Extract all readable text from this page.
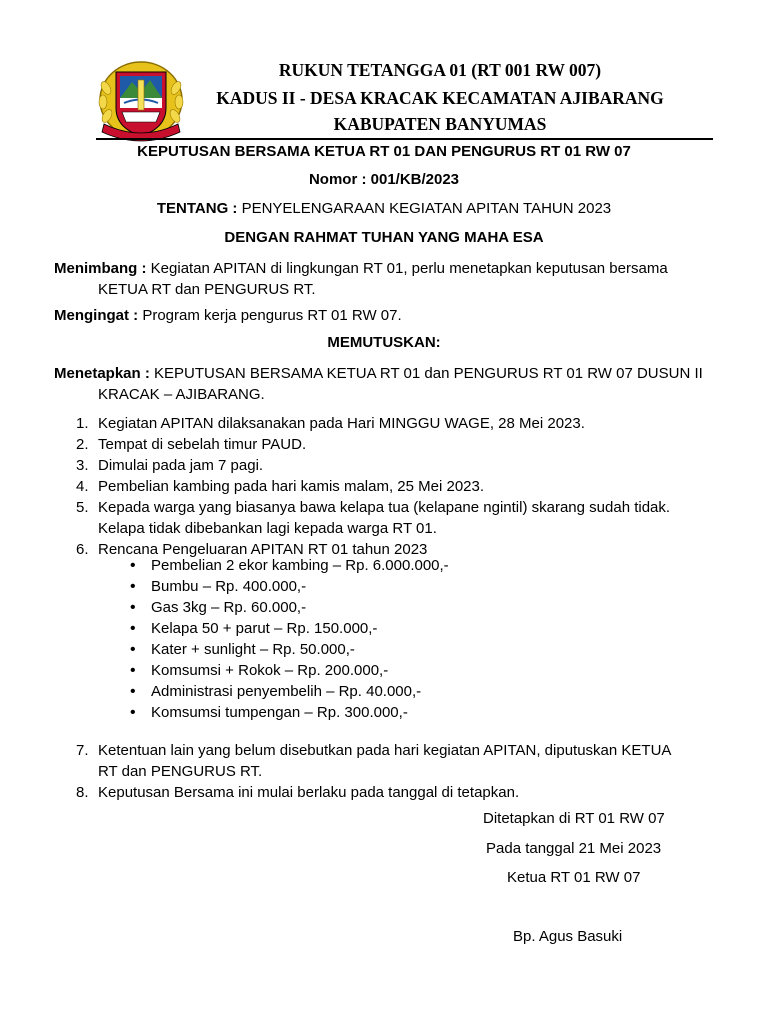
RUKUN TETANGGA 01 (RT 001 RW 007)
KADUS II - DESA KRACAK KECAMATAN AJIBARANG
KABUPATEN BANYUMAS
KEPUTUSAN BERSAMA KETUA RT 01 DAN PENGURUS RT 01 RW 07
Nomor : 001/KB/2023
TENTANG : PENYELENGARAAN KEGIATAN APITAN TAHUN 2023
DENGAN RAHMAT TUHAN YANG MAHA ESA
Menimbang : Kegiatan APITAN di lingkungan RT 01, perlu menetapkan keputusan bersama
KETUA RT dan PENGURUS RT.
Mengingat : Program kerja pengurus RT 01 RW 07.
MEMUTUSKAN:
Menetapkan : KEPUTUSAN BERSAMA KETUA RT 01 dan PENGURUS RT 01 RW 07 DUSUN II
KRACAK – AJIBARANG.
1. Kegiatan APITAN dilaksanakan pada Hari MINGGU WAGE, 28 Mei 2023.
2. Tempat di sebelah timur PAUD.
3. Dimulai pada jam 7 pagi.
4. Pembelian kambing pada hari kamis malam, 25 Mei 2023.
5. Kepada warga yang biasanya bawa kelapa tua (kelapane ngintil) skarang sudah tidak.
Kelapa tidak dibebankan lagi kepada warga RT 01.
6. Rencana Pengeluaran APITAN RT 01 tahun 2023
• Pembelian 2 ekor kambing – Rp. 6.000.000,-
• Bumbu – Rp. 400.000,-
• Gas 3kg – Rp. 60.000,-
• Kelapa 50 + parut – Rp. 150.000,-
• Kater + sunlight – Rp. 50.000,-
• Komsumsi + Rokok – Rp. 200.000,-
• Administrasi penyembelih – Rp. 40.000,-
• Komsumsi tumpengan – Rp. 300.000,-
7. Ketentuan lain yang belum disebutkan pada hari kegiatan APITAN, diputuskan KETUA
RT dan PENGURUS RT.
8. Keputusan Bersama ini mulai berlaku pada tanggal di tetapkan.
Ditetapkan di RT 01 RW 07
Pada tanggal 21 Mei 2023
Ketua RT 01 RW 07
Bp. Agus Basuki
